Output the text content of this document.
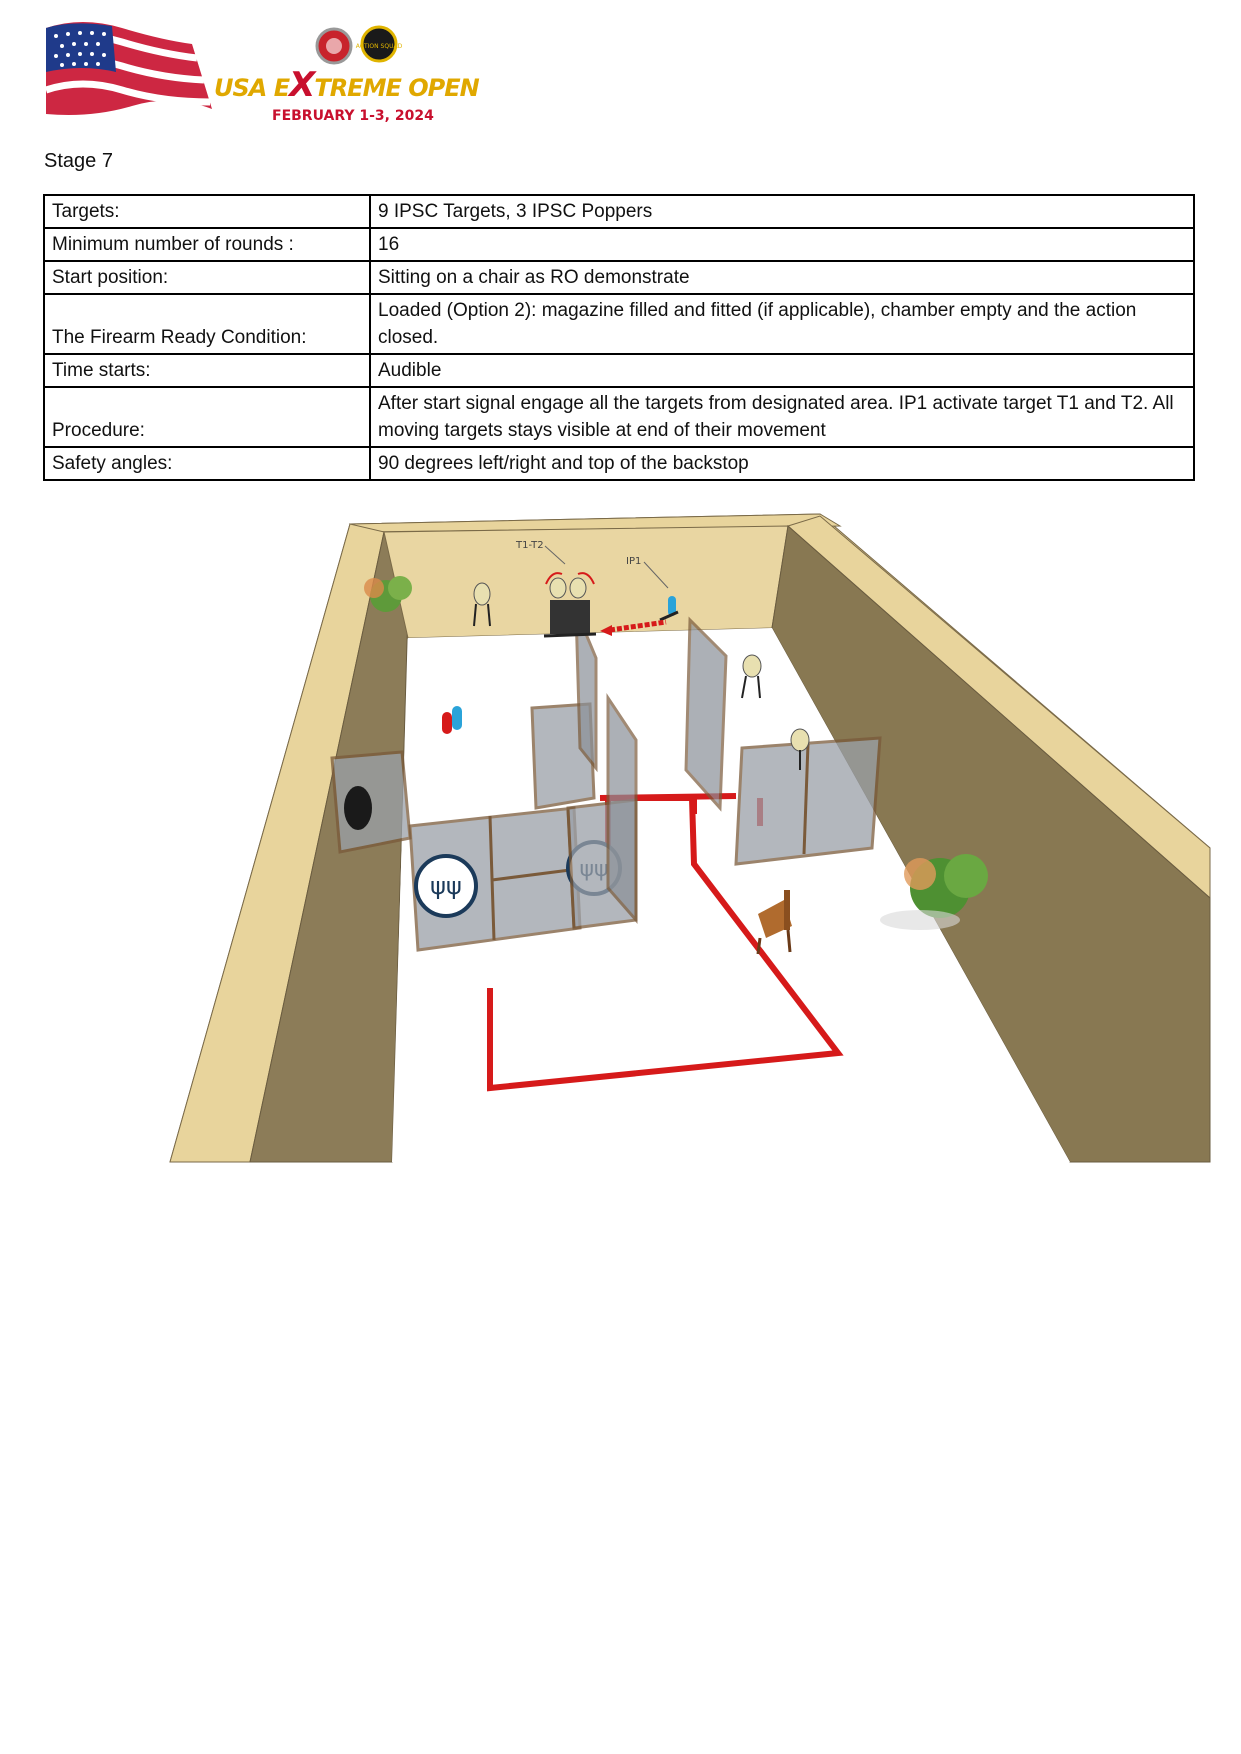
ACTION SQUAD
USA EXTREME OPEN
FEBRUARY 1-3, 2024
Stage 7
Targets:	9 IPSC Targets, 3 IPSC Poppers
Minimum number of rounds :	16
Start position:	Sitting on a chair as RO demonstrate
The Firearm Ready Condition:	Loaded (Option 2): magazine filled and fitted (if applicable), chamber empty and the action closed.
Time starts:	Audible
Procedure:	After start signal engage all the targets from designated area. IP1 activate target T1 and T2. All moving targets stays visible at end of their movement
Safety angles:	90 degrees left/right and top of the backstop
ψψ
T1-T2
IP1
